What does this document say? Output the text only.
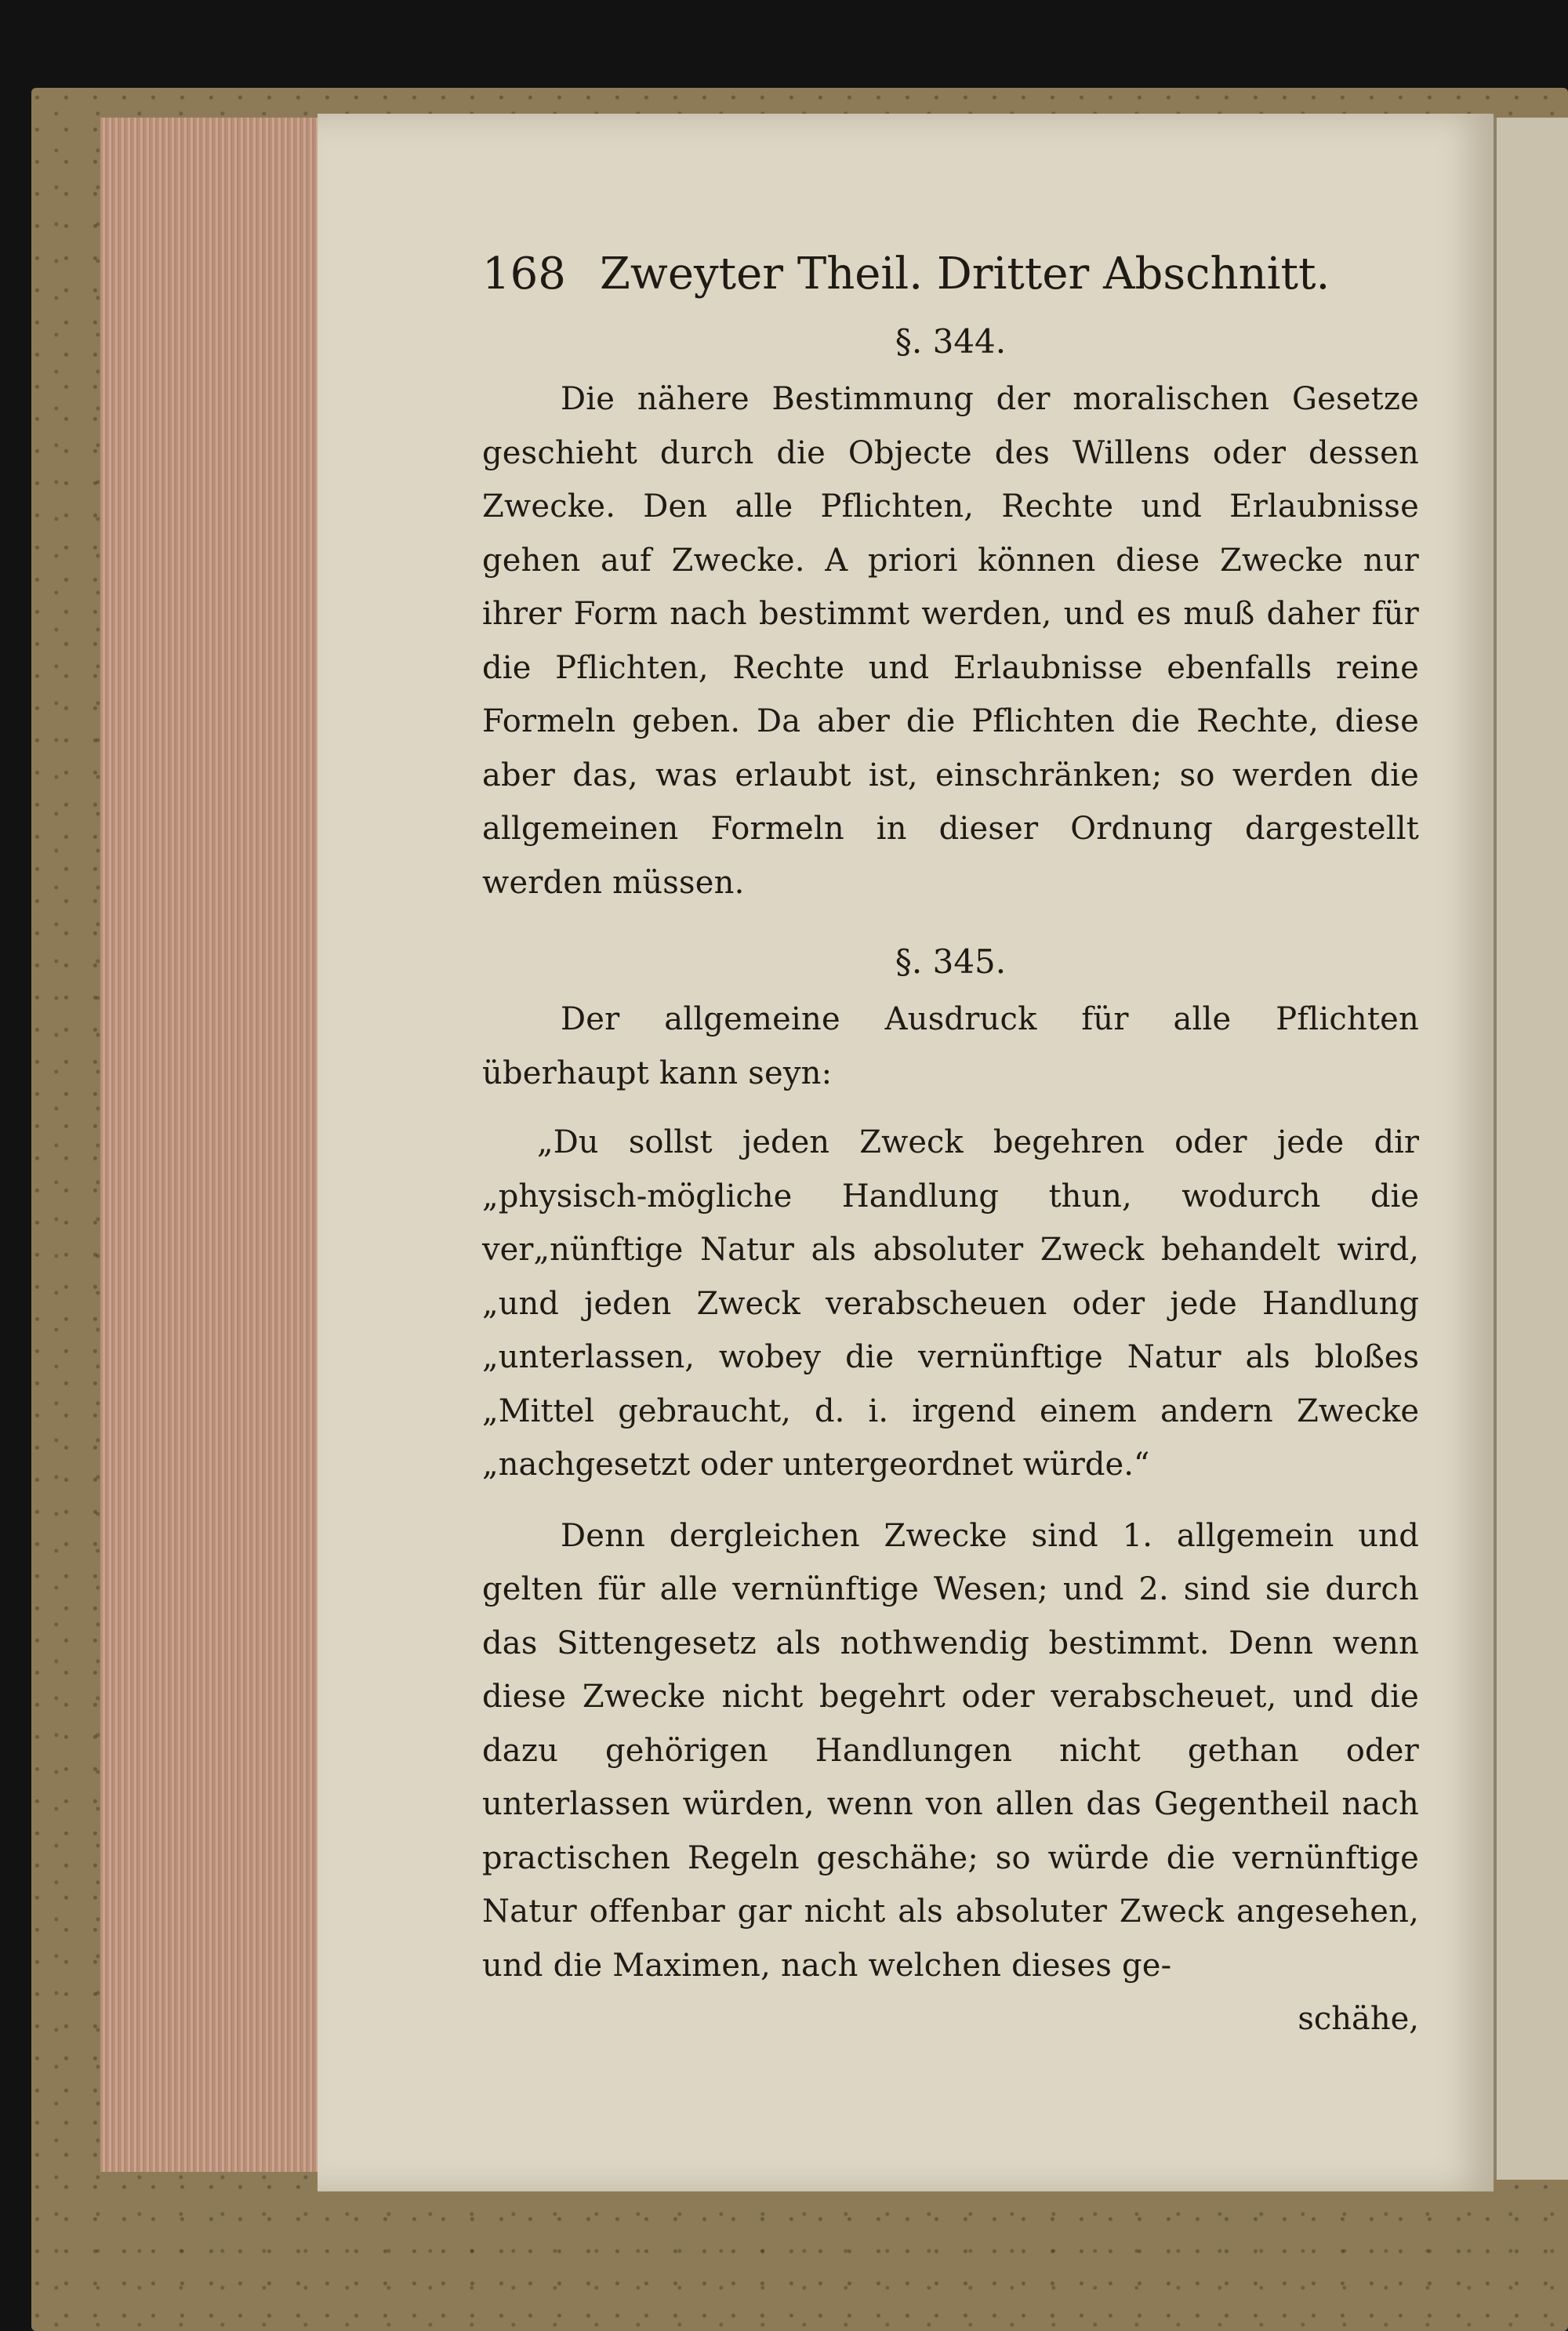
168 Zweyter Theil. Dritter Abschnitt.
§. 344.

Die nähere Bestimmung der moralischen Gesetze geschieht durch die Objecte des Willens oder dessen Zwecke. Den alle Pflichten, Rechte und Erlaubnisse gehen auf Zwecke. A priori können diese Zwecke nur ihrer Form nach bestimmt werden, und es muß daher für die Pflichten, Rechte und Erlaubnisse ebenfalls reine Formeln geben. Da aber die Pflichten die Rechte, diese aber das, was erlaubt ist, einschränken; so werden die allgemeinen Formeln in dieser Ordnung dargestellt werden müssen.

§. 345.

Der allgemeine Ausdruck für alle Pflichten überhaupt kann seyn:

„Du sollst jeden Zweck begehren oder jede dir „physisch-mögliche Handlung thun, wodurch die ver„nünftige Natur als absoluter Zweck behandelt wird, „und jeden Zweck verabscheuen oder jede Handlung „unterlassen, wobey die vernünftige Natur als bloßes „Mittel gebraucht, d. i. irgend einem andern Zwecke „nachgesetzt oder untergeordnet würde.“

Denn dergleichen Zwecke sind 1. allgemein und gelten für alle vernünftige Wesen; und 2. sind sie durch das Sittengesetz als nothwendig bestimmt. Denn wenn diese Zwecke nicht begehrt oder verabscheuet, und die dazu gehörigen Handlungen nicht gethan oder unterlassen würden, wenn von allen das Gegentheil nach practischen Regeln geschähe; so würde die vernünftige Natur offenbar gar nicht als absoluter Zweck angesehen, und die Maximen, nach welchen dieses ge-

schähe,
